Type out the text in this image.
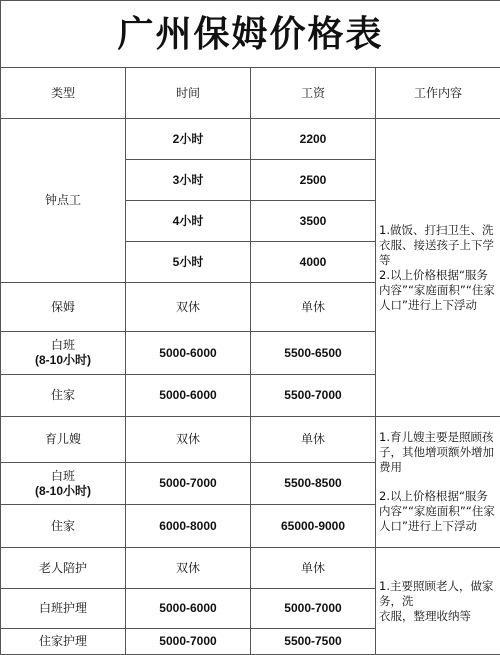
广州保姆价格表			
类型	时间	工资	工作内容
钟点工	2小时	2200	1.做饭、打扫卫生、洗衣服、接送孩子上下学等

2.以上价格根据“服务内容”“家庭面积”“住家人口”进行上下浮动

	3小时	2500	
	4小时	3500	
	5小时	4000	
保姆	双休	单休	

白班
(8-10小时)	5000-6000	5500-6500	
住家	5000-6000	5500-7000	
育儿嫂	双休	单休	1.育儿嫂主要是照顾孩子，其他增项额外增加费用

2.以上价格根据“服务内容”“家庭面积”“住家人口”进行上下浮动

白班
(8-10小时)	5000-7000	5500-8500	
住家	6000-8000	65000-9000	
老人陪护	双休	单休	1.主要照顾老人，做家务，洗

衣服，整理收纳等

白班护理	5000-6000	5000-7000	
住家护理	5000-7000	5500-7500	
